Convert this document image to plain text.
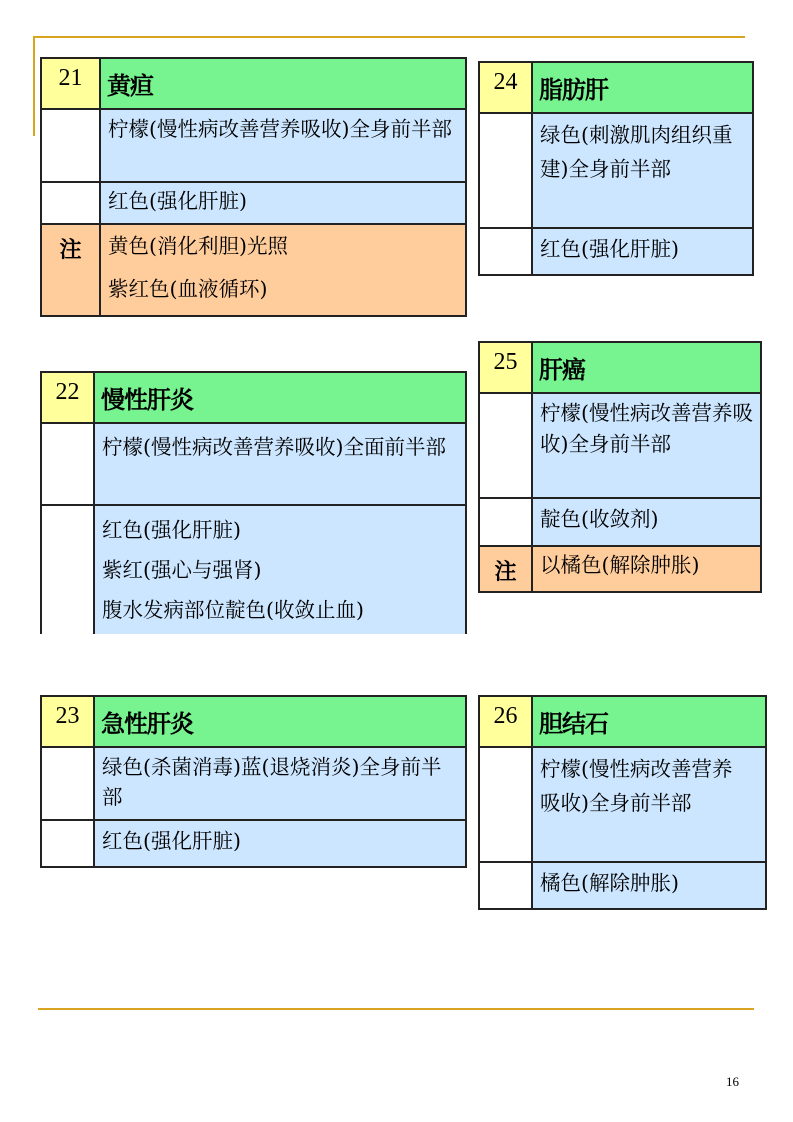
21	黄疸
柠檬(慢性病改善营养吸收)全身前半部
红色(强化肝脏)
注	黄色(消化利胆)光照

紫红色(血液循环)

22 慢性肝炎
柠檬(慢性病改善营养吸收)全面前半部

红色(强化肝脏)

紫红(强心与强肾)

腹水发病部位靛色(收敛止血)

23 急性肝炎
绿色(杀菌消毒)蓝(退烧消炎)全身前半部
红色(强化肝脏)
24 脂肪肝
绿色(刺激肌肉组织重建)全身前半部
红色(强化肝脏)
25 肝癌
柠檬(慢性病改善营养吸收)全身前半部
靛色(收敛剂)
注	以橘色(解除肿胀)
26 胆结石
柠檬(慢性病改善营养吸收)全身前半部
橘色(解除肿胀)
16
